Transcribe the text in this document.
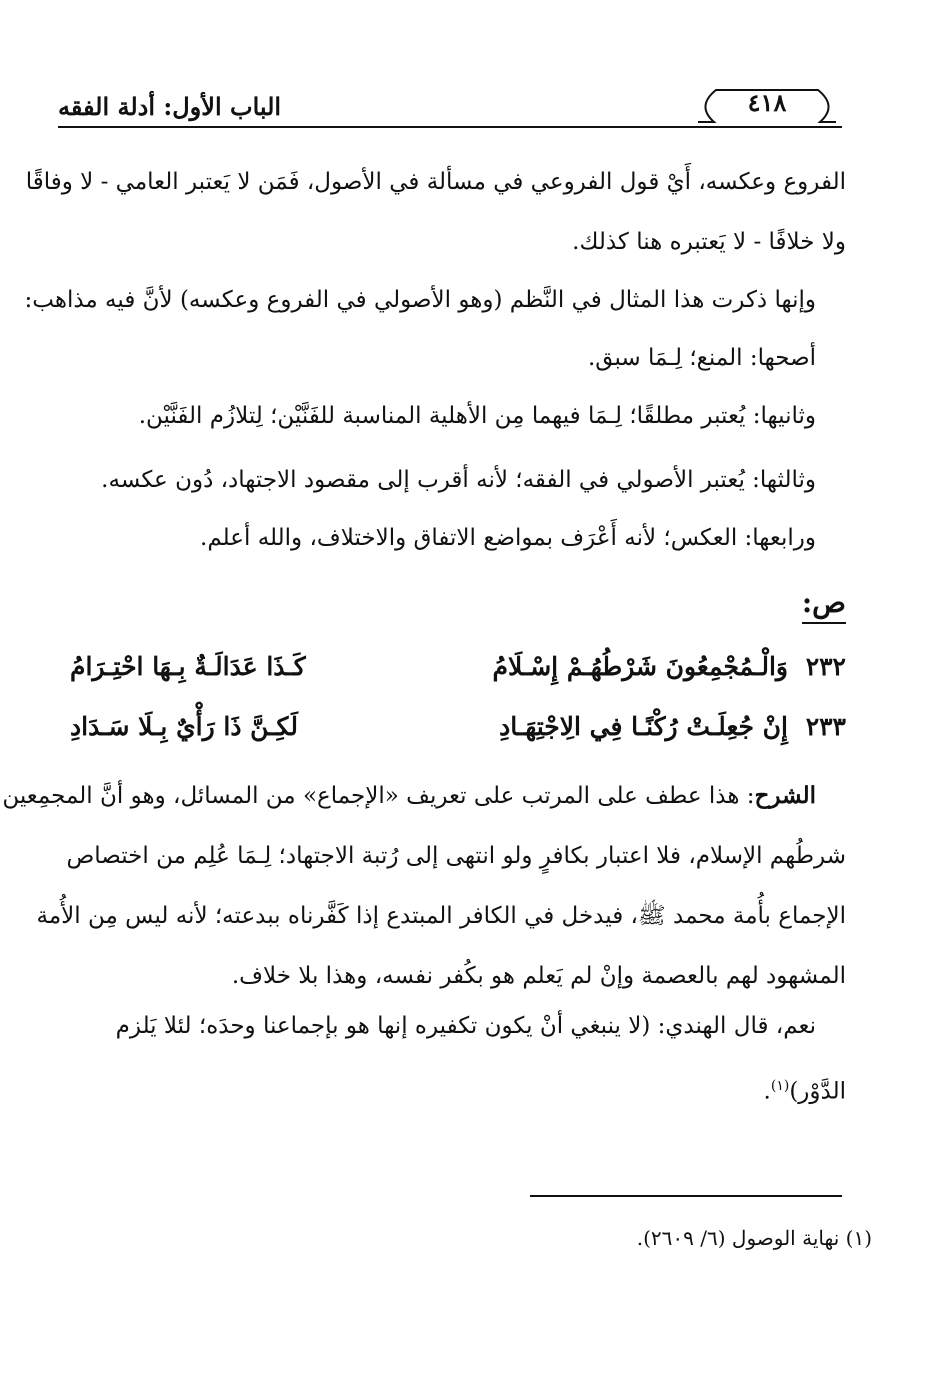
الباب الأول: أدلة الفقه	٤١٨
الفروع وعكسه، أَيْ قول الفروعي في مسألة في الأصول، فَمَن لا يَعتبر العامي - لا وفاقًا
ولا خلافًا - لا يَعتبره هنا كذلك.
وإنها ذكرت هذا المثال في النَّظم (وهو الأصولي في الفروع وعكسه) لأنَّ فيه مذاهب:
أصحها: المنع؛ لِـمَا سبق.
وثانيها: يُعتبر مطلقًا؛ لِـمَا فيهما مِن الأهلية المناسبة للفَنَّيْن؛ لِتلازُم الفَنَّيْن.
وثالثها: يُعتبر الأصولي في الفقه؛ لأنه أقرب إلى مقصود الاجتهاد، دُون عكسه.
ورابعها: العكس؛ لأنه أَعْرَف بمواضع الاتفاق والاختلاف، والله أعلم.
ص:
٢٣٢
وَالْـمُجْمِعُونَ شَرْطُهُـمْ إِسْـلَامُ
كَـذَا عَدَالَـةٌ بِـهَا احْتِـرَامُ
٢٣٣
إِنْ جُعِلَـتْ رُكْنًـا فِي الِاجْتِهَـادِ
لَكِـنَّ ذَا رَأْيٌ بِـلَا سَـدَادِ
الشرح: هذا عطف على المرتب على تعريف «الإجماع» من المسائل، وهو أنَّ المجمِعين
شرطُهم الإسلام، فلا اعتبار بكافرٍ ولو انتهى إلى رُتبة الاجتهاد؛ لِـمَا عُلِم من اختصاص
الإجماع بأُمة محمد ﷺ، فيدخل في الكافر المبتدع إذا كَفَّرناه ببدعته؛ لأنه ليس مِن الأُمة
المشهود لهم بالعصمة وإنْ لم يَعلم هو بكُفر نفسه، وهذا بلا خلاف.
نعم، قال الهندي: (لا ينبغي أنْ يكون تكفيره إنها هو بإجماعنا وحدَه؛ لئلا يَلزم
الدَّوْر)$^{(١)}$.
(١) نهاية الوصول (٦/ ٢٦٠٩).
